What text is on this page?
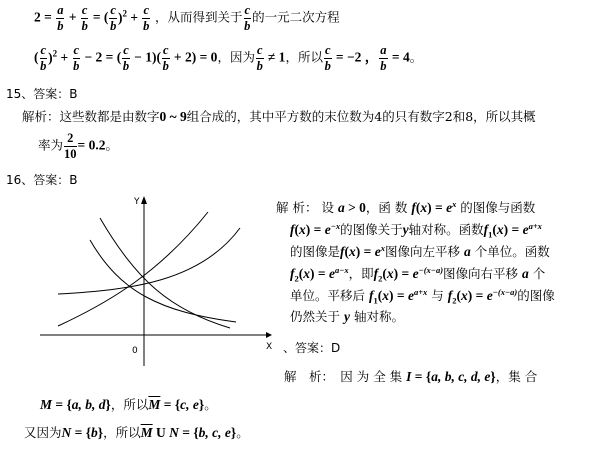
$2 = \frac{a}{b} + \frac{c}{b}$ = ( $\frac{c}{b} )^2 + \frac{c}{b}$ ，从而得到关于 $\frac{c}{b}$ 的一元二次方程
( $\frac{c}{b} )^2 + \frac{c}{b} - 2$ = ( $\frac{c}{b} - 1)( \frac{c}{b} + 2) = 0$，因为 $\frac{c}{b} \ne 1$，所以 $\frac{c}{b} = -2$ ， $\frac{a}{b} = 4$。
15、答案：B
解析：这些数都是由数字0 ~ 9组合成的，其中平方数的末位数为4的只有数字2和8，所以其概
率为 $\frac{2}{10} = 0.2$。
16、答案：B
Y
X
0
解 析： 设 a > 0，函 数 $f(x) = e^x$ 的图像与函数
$f(x) = e^{-x}$的图像关于y轴对称。函数$f_1(x) = e^{a+x}$
的图像是$f(x) = e^x$图像向左平移 a 个单位。函数
$f_2(x) = e^{a-x}$，即$f_2(x) = e^{-(x-a)}$图像向右平移 a 个
单位。平移后 $f_1(x) = e^{a+x}$ 与 $f_2(x) = e^{-(x-a)}$的图像
仍然关于 y 轴对称。
、答案：D
解　析：　因 为 全 集 I = {a, b, c, d, e}，集 合
M = {a, b, d}，所以$\overline{M} = \{c$, e}。
又因为N = {b}，所以$\overline{M}$ U N = {b, c, e}。
